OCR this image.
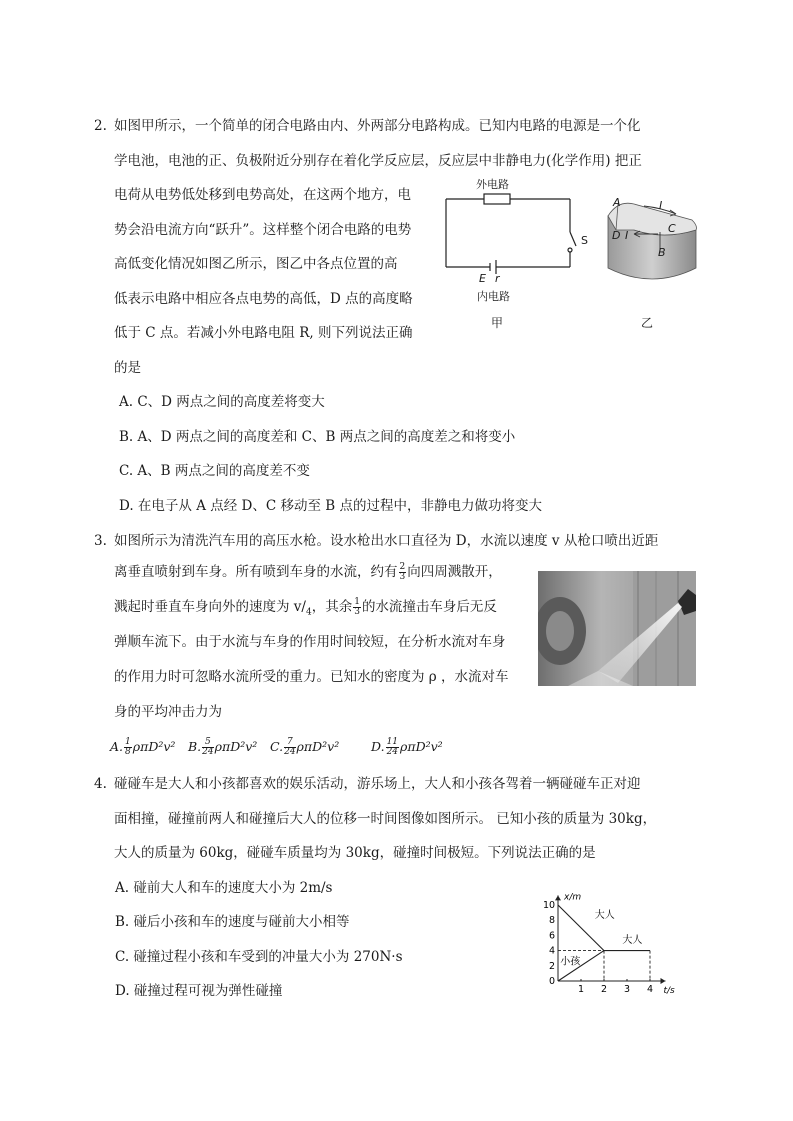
2. 如图甲所示，一个简单的闭合电路由内、外两部分电路构成。已知内电路的电源是一个化
学电池，电池的正、负极附近分别存在着化学反应层，反应层中非静电力(化学作用) 把正
电荷从电势低处移到电势高处，在这两个地方，电
势会沿电流方向“跃升”。这样整个闭合电路的电势
高低变化情况如图乙所示，图乙中各点位置的高
低表示电路中相应各点电势的高低，D 点的高度略
低于 C 点。若减小外电路电阻 R, 则下列说法正确
的是
A. C、D 两点之间的高度差将变大
B. A、D 两点之间的高度差和 C、B 两点之间的高度差之和将变小
C. A、B 两点之间的高度差不变
D. 在电子从 A 点经 D、C 移动至 B 点的过程中，非静电力做功将变大
外电路
S
E r
内电路
甲
A	I
C
D I
B
乙
3. 如图所示为清洗汽车用的高压水枪。设水枪出水口直径为 D，水流以速度 v 从枪口喷出近距
离垂直喷射到车身。所有喷到车身的水流，约有 $\frac{2}{3}$ 向四周溅散开，
溅起时垂直车身向外的速度为 $v/_4$，其余 $\frac{1}{3}$ 的水流撞击车身后无反
弹顺车流下。由于水流与车身的作用时间较短，在分析水流对车身
的作用力时可忽略水流所受的重力。已知水的密度为 ρ ，水流对车
身的平均冲击力为
A. $\frac{1}{8} \rho\pi D^2v^2$ B. $\frac{5}{24} \rho\pi D^2v^2$ C. $\frac{7}{24} \rho\pi D^2v^2$	D. $\frac{11}{24} \rho\pi D^2v^2$
4. 碰碰车是大人和小孩都喜欢的娱乐活动，游乐场上，大人和小孩各驾着一辆碰碰车正对迎
面相撞，碰撞前两人和碰撞后大人的位移一时间图像如图所示。 已知小孩的质量为 30kg，
大人的质量为 60kg，碰碰车质量均为 30kg，碰撞时间极短。下列说法正确的是
A. 碰前大人和车的速度大小为 2m/s
B. 碰后小孩和车的速度与碰前大小相等
C. 碰撞过程小孩和车受到的冲量大小为 270N·s
D. 碰撞过程可视为弹性碰撞
x/m
t/s
1 2 3 4
0
2
4
6
8
10
大人
小孩
大人
